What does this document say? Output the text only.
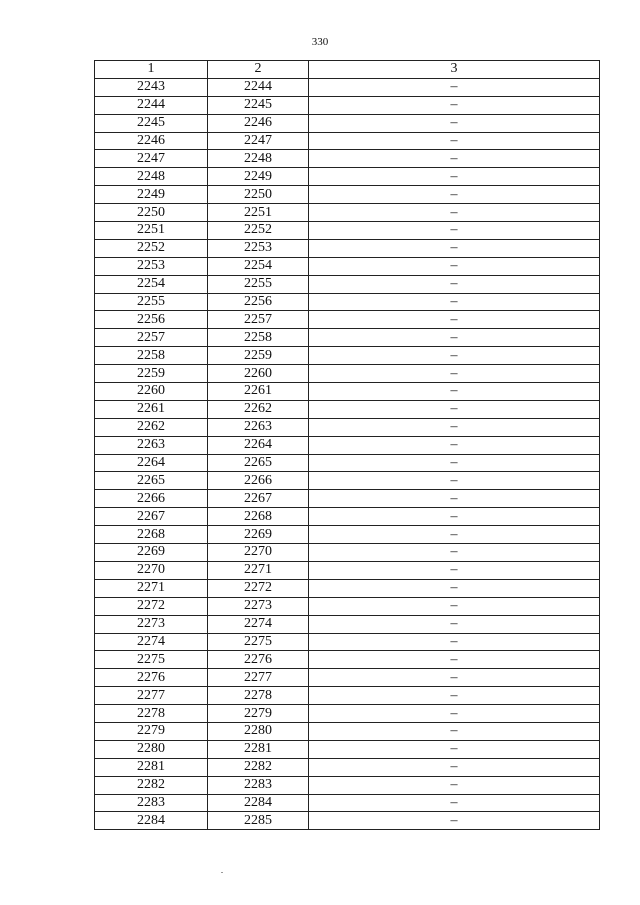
330
1	2	3
2243	2244	–
2244	2245	–
2245	2246	–
2246	2247	–
2247	2248	–
2248	2249	–
2249	2250	–
2250	2251	–
2251	2252	–
2252	2253	–
2253	2254	–
2254	2255	–
2255	2256	–
2256	2257	–
2257	2258	–
2258	2259	–
2259	2260	–
2260	2261	–
2261	2262	–
2262	2263	–
2263	2264	–
2264	2265	–
2265	2266	–
2266	2267	–
2267	2268	–
2268	2269	–
2269	2270	–
2270	2271	–
2271	2272	–
2272	2273	–
2273	2274	–
2274	2275	–
2275	2276	–
2276	2277	–
2277	2278	–
2278	2279	–
2279	2280	–
2280	2281	–
2281	2282	–
2282	2283	–
2283	2284	–
2284	2285	–
